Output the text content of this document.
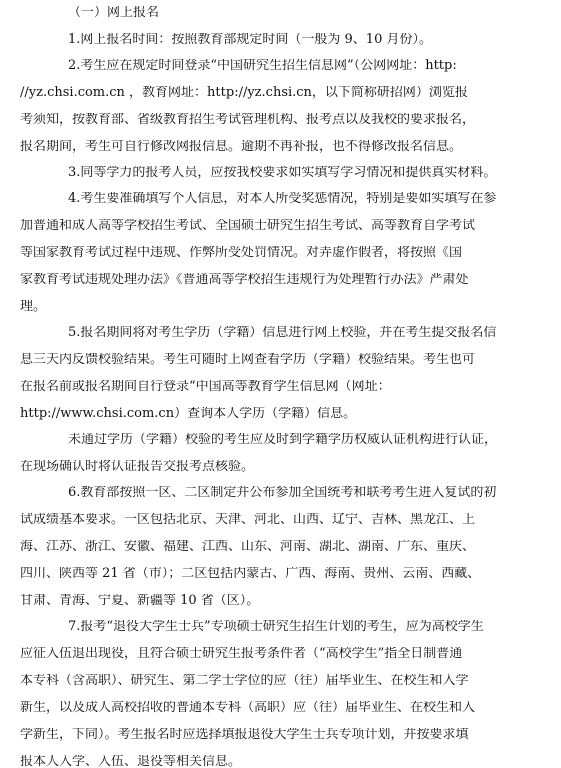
（一）网上报名
1.网上报名时间：按照教育部规定时间（一般为 9、10 月份）。
2.考生应在规定时间登录“中国研究生招生信息网”（公网网址：http:
//yz.chsi.com.cn ，教育网址：http://yz.chsi.cn，以下简称研招网）浏览报
考须知，按教育部、省级教育招生考试管理机构、报考点以及我校的要求报名，
报名期间，考生可自行修改网报信息。逾期不再补报，也不得修改报名信息。
3.同等学力的报考人员，应按我校要求如实填写学习情况和提供真实材料。
4.考生要准确填写个人信息，对本人所受奖惩情况，特别是要如实填写在参
加普通和成人高等学校招生考试、全国硕士研究生招生考试、高等教育自学考试
等国家教育考试过程中违规、作弊所受处罚情况。对弄虚作假者，将按照《国
家教育考试违规处理办法》《普通高等学校招生违规行为处理暂行办法》严肃处
理。
5.报名期间将对考生学历（学籍）信息进行网上校验，并在考生提交报名信
息三天内反馈校验结果。考生可随时上网查看学历（学籍）校验结果。考生也可
在报名前或报名期间自行登录“中国高等教育学生信息网（网址：
http://www.chsi.com.cn）查询本人学历（学籍）信息。
未通过学历（学籍）校验的考生应及时到学籍学历权威认证机构进行认证，
在现场确认时将认证报告交报考点核验。
6.教育部按照一区、二区制定并公布参加全国统考和联考考生进入复试的初
试成绩基本要求。一区包括北京、天津、河北、山西、辽宁、吉林、黑龙江、上
海、江苏、浙江、安徽、福建、江西、山东、河南、湖北、湖南、广东、重庆、
四川、陕西等 21 省（市）；二区包括内蒙古、广西、海南、贵州、云南、西藏、
甘肃、青海、宁夏、新疆等 10 省（区）。
7.报考“退役大学生士兵”专项硕士研究生招生计划的考生，应为高校学生
应征入伍退出现役，且符合硕士研究生报考条件者（“高校学生”指全日制普通
本专科（含高职）、研究生、第二学士学位的应（往）届毕业生、在校生和入学
新生，以及成人高校招收的普通本专科（高职）应（往）届毕业生、在校生和入
学新生，下同）。考生报名时应选择填报退役大学生士兵专项计划，并按要求填
报本人入学、入伍、退役等相关信息。
